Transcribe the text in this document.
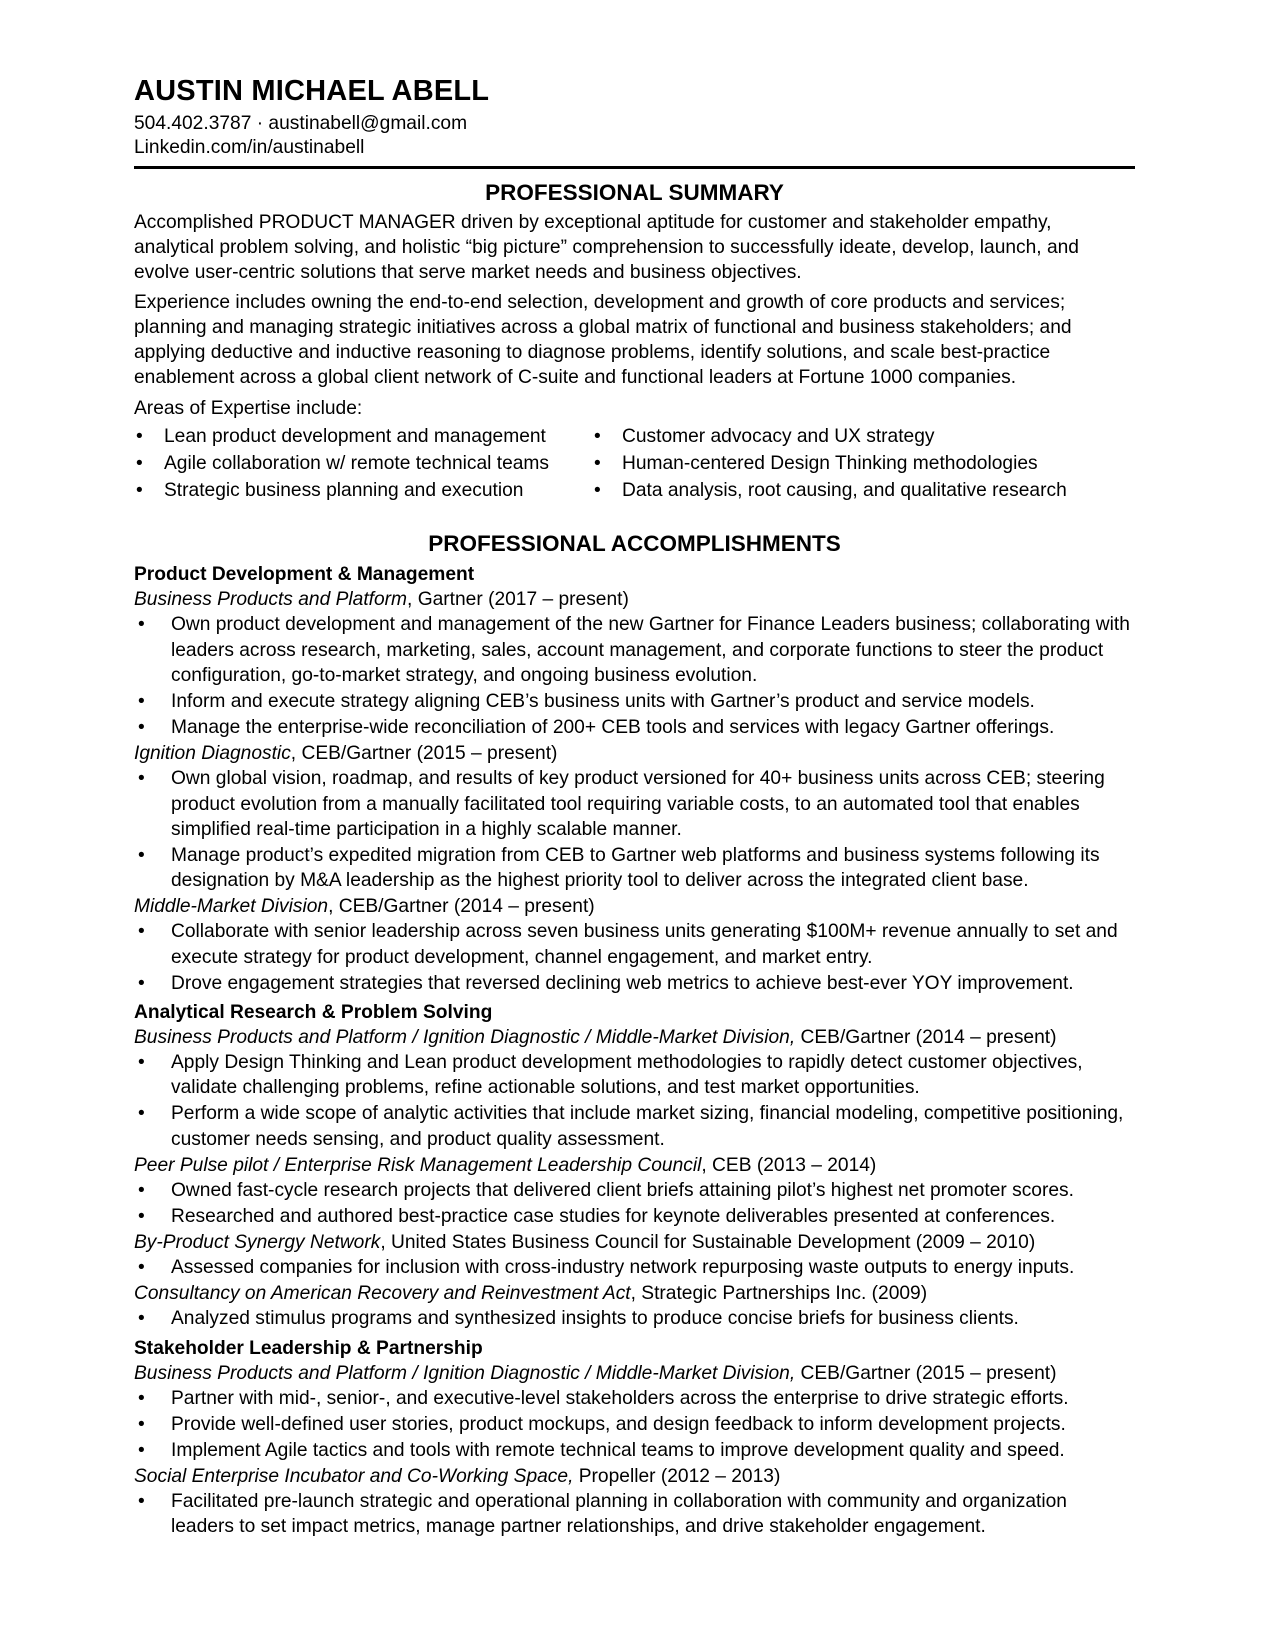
AUSTIN MICHAEL ABELL
504.402.3787 · austinabell@gmail.com
Linkedin.com/in/austinabell
PROFESSIONAL SUMMARY

Accomplished PRODUCT MANAGER driven by exceptional aptitude for customer and stakeholder empathy, analytical problem solving, and holistic “big picture” comprehension to successfully ideate, develop, launch, and evolve user-centric solutions that serve market needs and business objectives.

Experience includes owning the end-to-end selection, development and growth of core products and services; planning and managing strategic initiatives across a global matrix of functional and business stakeholders; and applying deductive and inductive reasoning to diagnose problems, identify solutions, and scale best-practice enablement across a global client network of C-suite and functional leaders at Fortune 1000 companies.

Areas of Expertise include:
• Lean product development and management
• Agile collaboration w/ remote technical teams
• Strategic business planning and execution
• Customer advocacy and UX strategy
• Human-centered Design Thinking methodologies
• Data analysis, root causing, and qualitative research
PROFESSIONAL ACCOMPLISHMENTS
Product Development & Management
Business Products and Platform, Gartner (2017 – present)
• Own product development and management of the new Gartner for Finance Leaders business; collaborating with leaders across research, marketing, sales, account management, and corporate functions to steer the product configuration, go-to-market strategy, and ongoing business evolution.
• Inform and execute strategy aligning CEB’s business units with Gartner’s product and service models.
• Manage the enterprise-wide reconciliation of 200+ CEB tools and services with legacy Gartner offerings.
Ignition Diagnostic, CEB/Gartner (2015 – present)
• Own global vision, roadmap, and results of key product versioned for 40+ business units across CEB; steering product evolution from a manually facilitated tool requiring variable costs, to an automated tool that enables simplified real-time participation in a highly scalable manner.
• Manage product’s expedited migration from CEB to Gartner web platforms and business systems following its designation by M&A leadership as the highest priority tool to deliver across the integrated client base.
Middle-Market Division, CEB/Gartner (2014 – present)
• Collaborate with senior leadership across seven business units generating $100M+ revenue annually to set and execute strategy for product development, channel engagement, and market entry.
• Drove engagement strategies that reversed declining web metrics to achieve best-ever YOY improvement.
Analytical Research & Problem Solving
Business Products and Platform / Ignition Diagnostic / Middle-Market Division, CEB/Gartner (2014 – present)
• Apply Design Thinking and Lean product development methodologies to rapidly detect customer objectives, validate challenging problems, refine actionable solutions, and test market opportunities.
• Perform a wide scope of analytic activities that include market sizing, financial modeling, competitive positioning, customer needs sensing, and product quality assessment.
Peer Pulse pilot / Enterprise Risk Management Leadership Council, CEB (2013 – 2014)
• Owned fast-cycle research projects that delivered client briefs attaining pilot’s highest net promoter scores.
• Researched and authored best-practice case studies for keynote deliverables presented at conferences.
By-Product Synergy Network, United States Business Council for Sustainable Development (2009 – 2010)
• Assessed companies for inclusion with cross-industry network repurposing waste outputs to energy inputs.
Consultancy on American Recovery and Reinvestment Act, Strategic Partnerships Inc. (2009)
• Analyzed stimulus programs and synthesized insights to produce concise briefs for business clients.
Stakeholder Leadership & Partnership
Business Products and Platform / Ignition Diagnostic / Middle-Market Division, CEB/Gartner (2015 – present)
• Partner with mid-, senior-, and executive-level stakeholders across the enterprise to drive strategic efforts.
• Provide well-defined user stories, product mockups, and design feedback to inform development projects.
• Implement Agile tactics and tools with remote technical teams to improve development quality and speed.
Social Enterprise Incubator and Co-Working Space, Propeller (2012 – 2013)
• Facilitated pre-launch strategic and operational planning in collaboration with community and organization leaders to set impact metrics, manage partner relationships, and drive stakeholder engagement.
